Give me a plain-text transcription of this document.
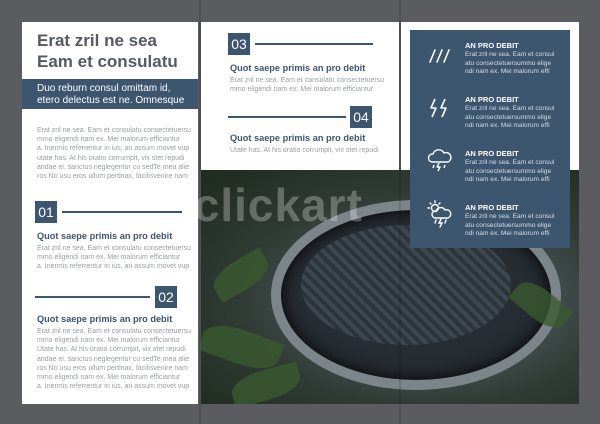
Erat zril ne sea
Eam et consulatu
Duo reburn consul omittam id,
etero delectus est ne. Omnesque
Erat zril ne sea. Eam et consulatu consectetuersu
mmo eligendi nam ex. Mei malorum efficiantur
a. Inermis referrentur in ius, an assum movet vup
utate has. At his oratio corrumpit, vix stet repudi
andae ei, sanctus neglegentur cu sedTe mea alie
ros No usu eros ullum pertinax, facilisvenire nam
01
Quot saepe primis an pro debit
Erat zril ne sea. Eam et consulatu consectetuersu
mmo eligendi nam ex. Mei malorum efficiantur
a. Inermis referrentur in ius, an assum movet vup
02
Quot saepe primis an pro debit
Erat zril ne sea. Eam et consulatu consectetuersu
mmo eligendi nam ex. Mei malorum efficiantur
Utate has. At his oratio corrumpit, vix stet repudi
andae ei, sanctus neglegentur cu sedTe mea alie
ros No usu eros ullum pertinax, facilisvenire nam
mmo eligendi nam ex. Mei malorum efficiantur
a. Inermis referrentur in ius, an assum movet vup
03
Quot saepe primis an pro debit
Erat zril ne sea. Eam et consulatu consectetuersu
mmo eligendi nam ex. Mei malorum efficiantur
04
Quot saepe primis an pro debit
Utate has. At his oratio corrumpit, vix stet repudi
AN PRO DEBIT
Erat zril ne sea. Eam et consul
atu consectetuersummo elige
ndi nam ex. Mei malorum effi
AN PRO DEBIT
Erat zril ne sea. Eam et consul
atu consectetuersummo elige
ndi nam ex. Mei malorum effi
AN PRO DEBIT
Erat zril ne sea. Eam et consul
atu consectetuersummo elige
ndi nam ex. Mei malorum effi
AN PRO DEBIT
Erat zril ne sea. Eam et consul
atu consectetuersummo elige
ndi nam ex. Mei malorum effi
iclickart
